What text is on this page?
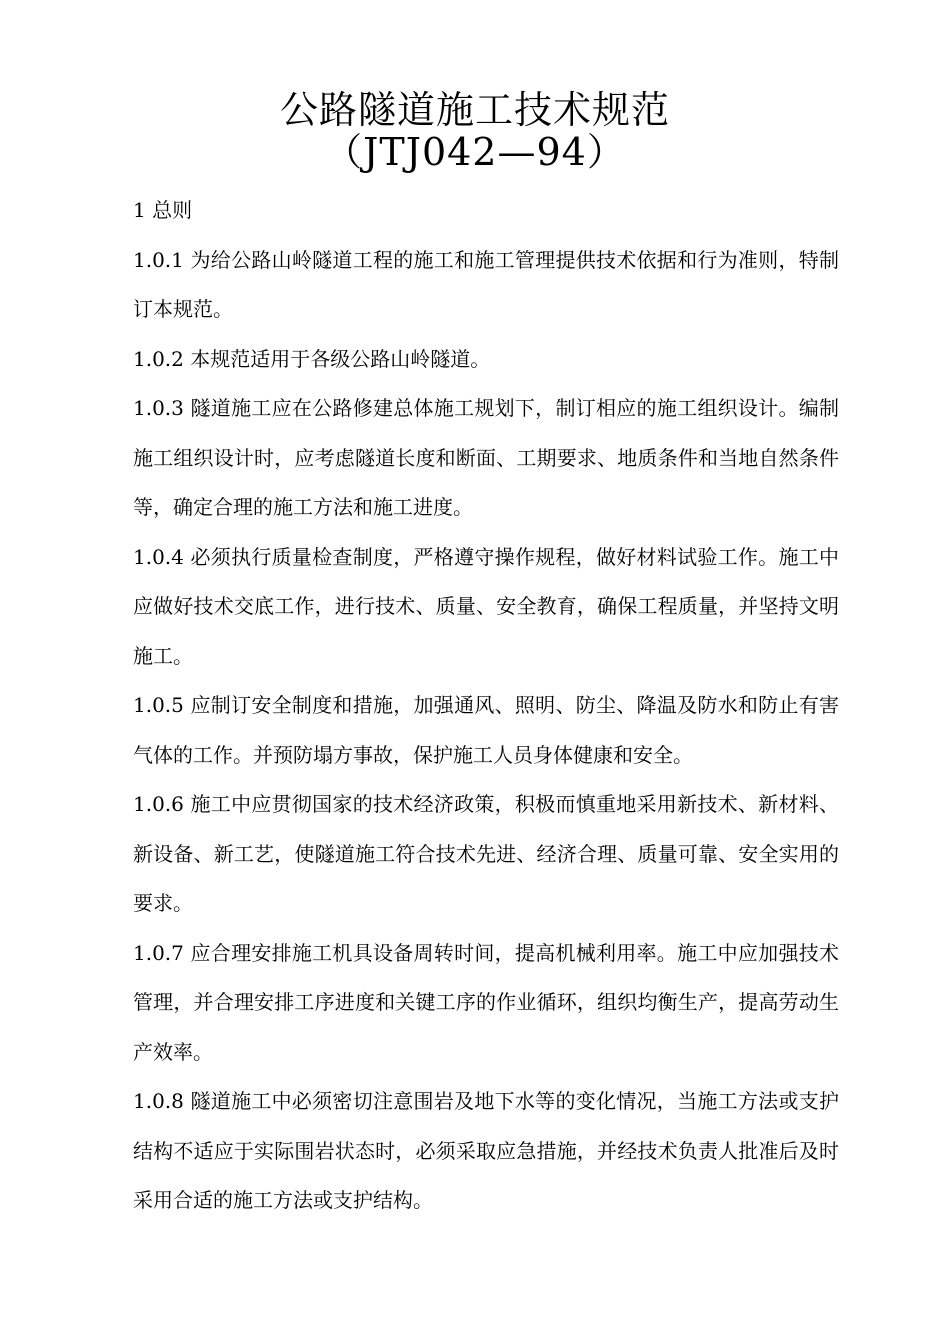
公路隧道施工技术规范
（JTJ042—94）

1 总则

1.0.1 为给公路山岭隧道工程的施工和施工管理提供技术依据和行为准则，特制订本规范。

1.0.2 本规范适用于各级公路山岭隧道。

1.0.3 隧道施工应在公路修建总体施工规划下，制订相应的施工组织设计。编制施工组织设计时，应考虑隧道长度和断面、工期要求、地质条件和当地自然条件等，确定合理的施工方法和施工进度。

1.0.4 必须执行质量检查制度，严格遵守操作规程，做好材料试验工作。施工中应做好技术交底工作，进行技术、质量、安全教育，确保工程质量，并坚持文明施工。

1.0.5 应制订安全制度和措施，加强通风、照明、防尘、降温及防水和防止有害气体的工作。并预防塌方事故，保护施工人员身体健康和安全。

1.0.6 施工中应贯彻国家的技术经济政策，积极而慎重地采用新技术、新材料、新设备、新工艺，使隧道施工符合技术先进、经济合理、质量可靠、安全实用的要求。

1.0.7 应合理安排施工机具设备周转时间，提高机械利用率。施工中应加强技术管理，并合理安排工序进度和关键工序的作业循环，组织均衡生产，提高劳动生产效率。

1.0.8 隧道施工中必须密切注意围岩及地下水等的变化情况，当施工方法或支护结构不适应于实际围岩状态时，必须采取应急措施，并经技术负责人批准后及时采用合适的施工方法或支护结构。
